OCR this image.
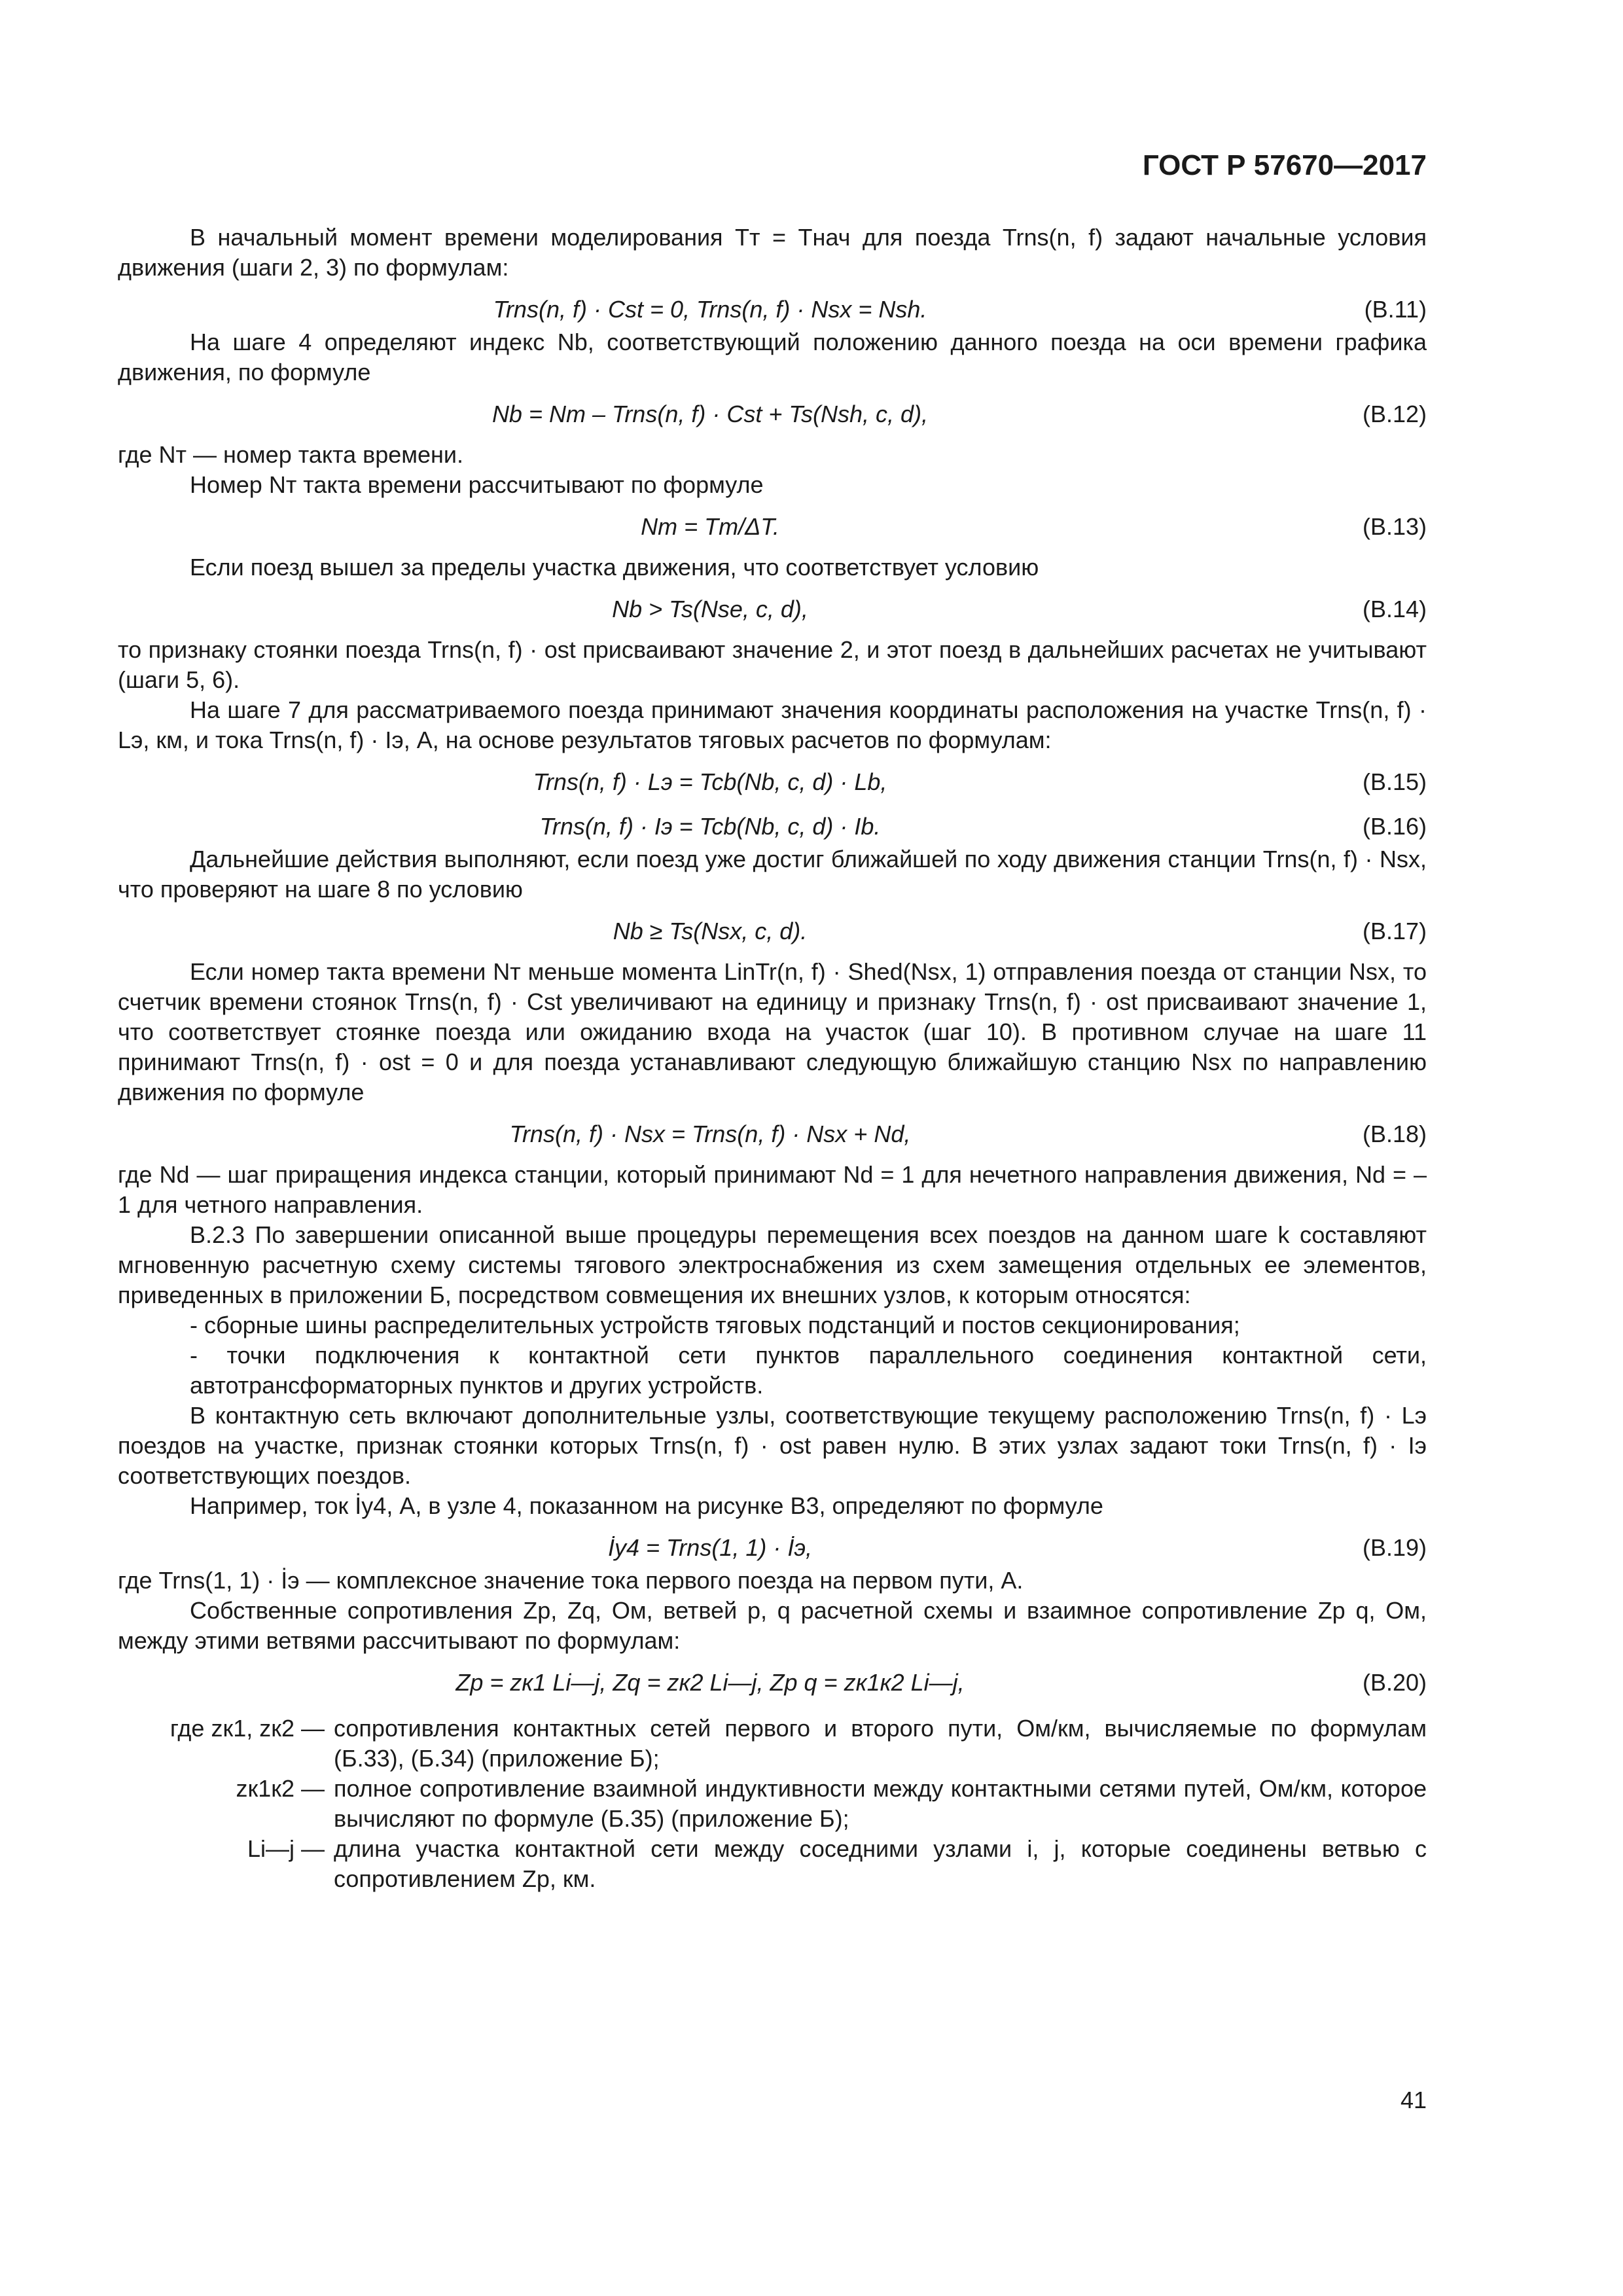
ГОСТ Р 57670—2017

В начальный момент времени моделирования Tт = Tнач для поезда Trns(n, f) задают начальные условия движения (шаги 2, 3) по формулам:

Trns(n, f) · Cst = 0, Trns(n, f) · Nsx = Nsh.	(В.11)

На шаге 4 определяют индекс Nb, соответствующий положению данного поезда на оси времени графика движения, по формуле

Nb = Nт – Trns(n, f) · Cst + Ts(Nsh, c, d),	(В.12)

где Nт — номер такта времени.

Номер Nт такта времени рассчитывают по формуле

Nт = Tт/ΔT.	(В.13)

Если поезд вышел за пределы участка движения, что соответствует условию

Nb > Ts(Nse, c, d),	(В.14)

то признаку стоянки поезда Trns(n, f) · ost присваивают значение 2, и этот поезд в дальнейших расчетах не учитывают (шаги 5, 6).

На шаге 7 для рассматриваемого поезда принимают значения координаты расположения на участке Trns(n, f) · Lэ, км, и тока Trns(n, f) · Iэ, А, на основе результатов тяговых расчетов по формулам:

Trns(n, f) · Lэ = Tcb(Nb, c, d) · Lb,	(В.15)
Trns(n, f) · Iэ = Tcb(Nb, c, d) · Ib.	(В.16)

Дальнейшие действия выполняют, если поезд уже достиг ближайшей по ходу движения станции Trns(n, f) · Nsx, что проверяют на шаге 8 по условию

Nb ≥ Ts(Nsx, c, d).	(В.17)

Если номер такта времени Nт меньше момента LinTr(n, f) · Shed(Nsx, 1) отправления поезда от станции Nsx, то счетчик времени стоянок Trns(n, f) · Cst увеличивают на единицу и признаку Trns(n, f) · ost присваивают значение 1, что соответствует стоянке поезда или ожиданию входа на участок (шаг 10). В противном случае на шаге 11 принимают Trns(n, f) · ost = 0 и для поезда устанавливают следующую ближайшую станцию Nsx по направлению движения по формуле

Trns(n, f) · Nsx = Trns(n, f) · Nsx + Nd,	(В.18)

где Nd — шаг приращения индекса станции, который принимают Nd = 1 для нечетного направления движения, Nd = –1 для четного направления.

В.2.3 По завершении описанной выше процедуры перемещения всех поездов на данном шаге k составляют мгновенную расчетную схему системы тягового электроснабжения из схем замещения отдельных ее элементов, приведенных в приложении Б, посредством совмещения их внешних узлов, к которым относятся:

- сборные шины распределительных устройств тяговых подстанций и постов секционирования;

- точки подключения к контактной сети пунктов параллельного соединения контактной сети, автотрансформаторных пунктов и других устройств.

В контактную сеть включают дополнительные узлы, соответствующие текущему расположению Trns(n, f) · Lэ поездов на участке, признак стоянки которых Trns(n, f) · ost равен нулю. В этих узлах задают токи Trns(n, f) · Iэ соответствующих поездов.

Например, ток İу4, А, в узле 4, показанном на рисунке В3, определяют по формуле

İу4 = Trns(1, 1) · İэ,	(В.19)

где Trns(1, 1) · İэ — комплексное значение тока первого поезда на первом пути, А.

Собственные сопротивления Zp, Zq, Ом, ветвей p, q расчетной схемы и взаимное сопротивление Zp q, Ом, между этими ветвями рассчитывают по формулам:

Zp = zк1 Li—j, Zq = zк2 Li—j, Zp q = zк1к2 Li—j,	(В.20)
где zк1, zк2 — сопротивления контактных сетей первого и второго пути, Ом/км, вычисляемые по формулам (Б.33), (Б.34) (приложение Б);
zк1к2 — полное сопротивление взаимной индуктивности между контактными сетями путей, Ом/км, которое вычисляют по формуле (Б.35) (приложение Б);
Li—j — длина участка контактной сети между соседними узлами i, j, которые соединены ветвью с сопротивлением Zp, км.
41
